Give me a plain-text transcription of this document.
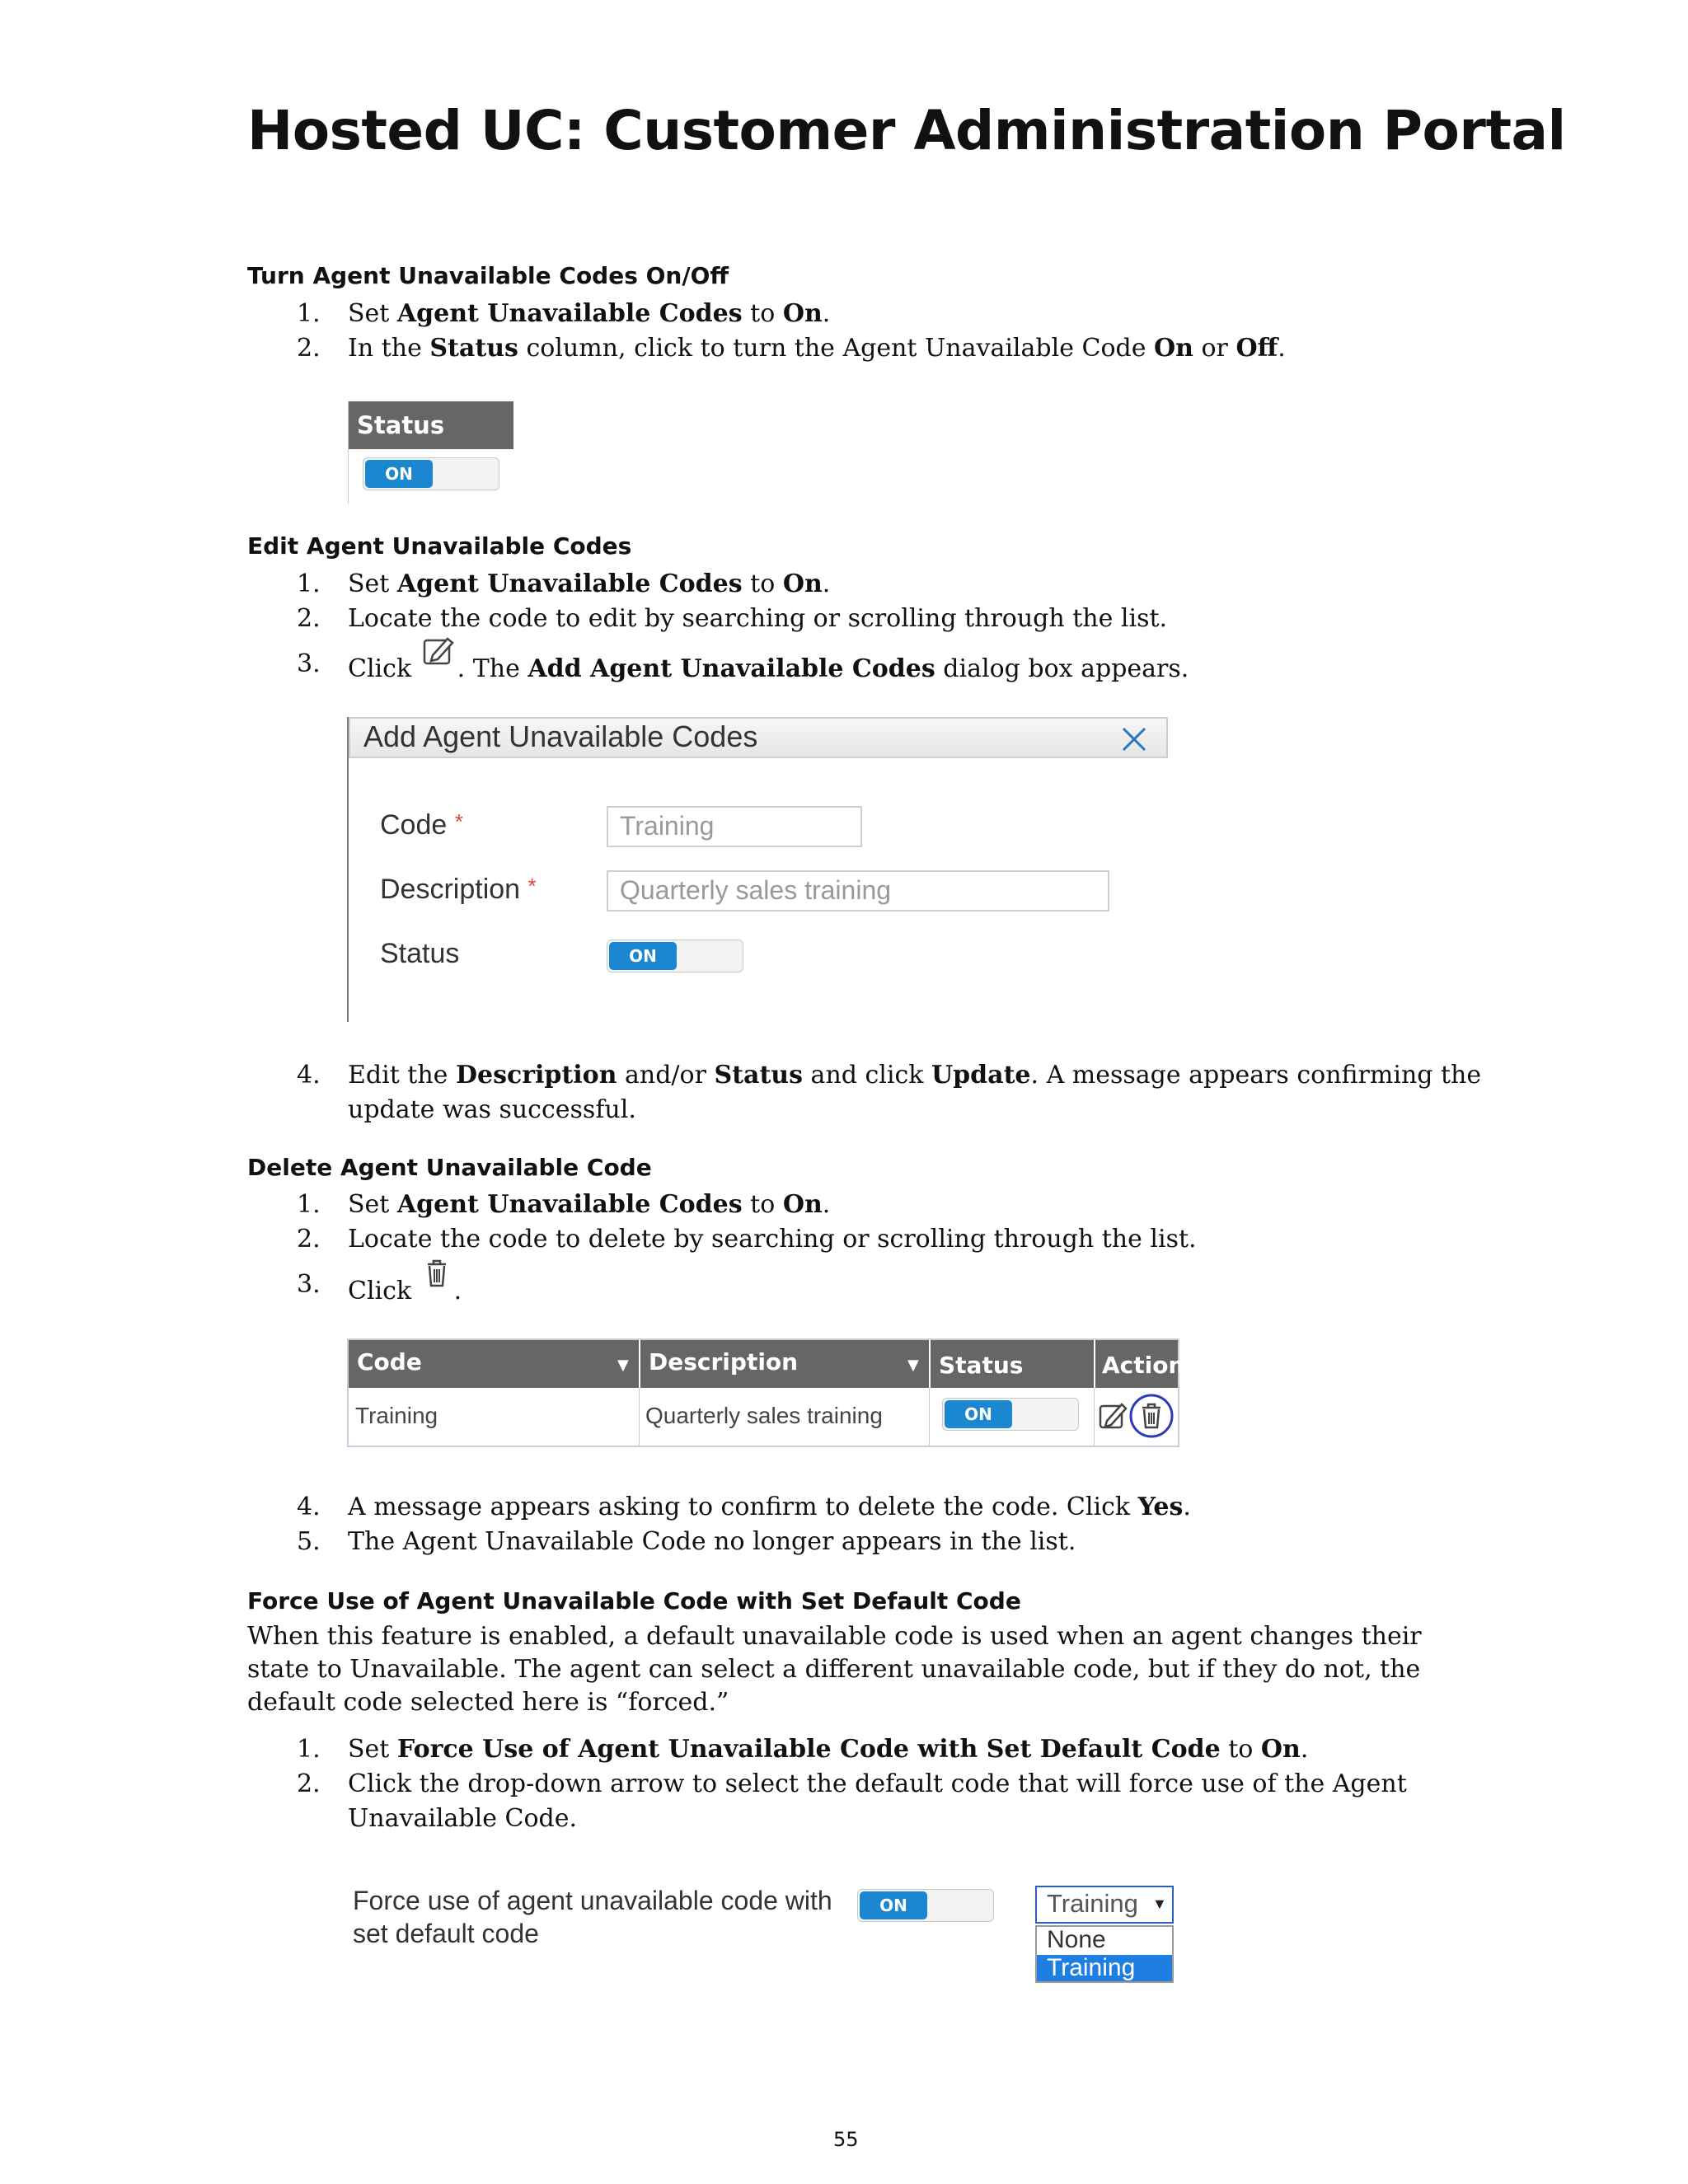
Hosted UC: Customer Administration Portal
Turn Agent Unavailable Codes On/Off
1.	Set Agent Unavailable Codes to On.
2.	In the Status column, click to turn the Agent Unavailable Code On or Off.
Status
ON
Edit Agent Unavailable Codes
1.	Set Agent Unavailable Codes to On.
2.	Locate the code to edit by searching or scrolling through the list.
3.	Click . The Add Agent Unavailable Codes dialog box appears.
Add Agent Unavailable Codes
Code *	Training
Description *	Quarterly sales training
Status	ON
4.	Edit the Description and/or Status and click Update. A message appears confirming the
update was successful.
Delete Agent Unavailable Code
1.	Set Agent Unavailable Codes to On.
2.	Locate the code to delete by searching or scrolling through the list.
3.	Click .
Code	▼ Description	▼ Status	Action
Training	Quarterly sales training	ON
4.	A message appears asking to confirm to delete the code. Click Yes.
5.	The Agent Unavailable Code no longer appears in the list.
Force Use of Agent Unavailable Code with Set Default Code
When this feature is enabled, a default unavailable code is used when an agent changes their state to Unavailable. The agent can select a different unavailable code, but if they do not, the default code selected here is “forced.”
1.	Set Force Use of Agent Unavailable Code with Set Default Code to On.
2.	Click the drop-down arrow to select the default code that will force use of the Agent
Unavailable Code.
Force use of agent unavailable code with
set default code
ON	Training ▼
None
Training
55
